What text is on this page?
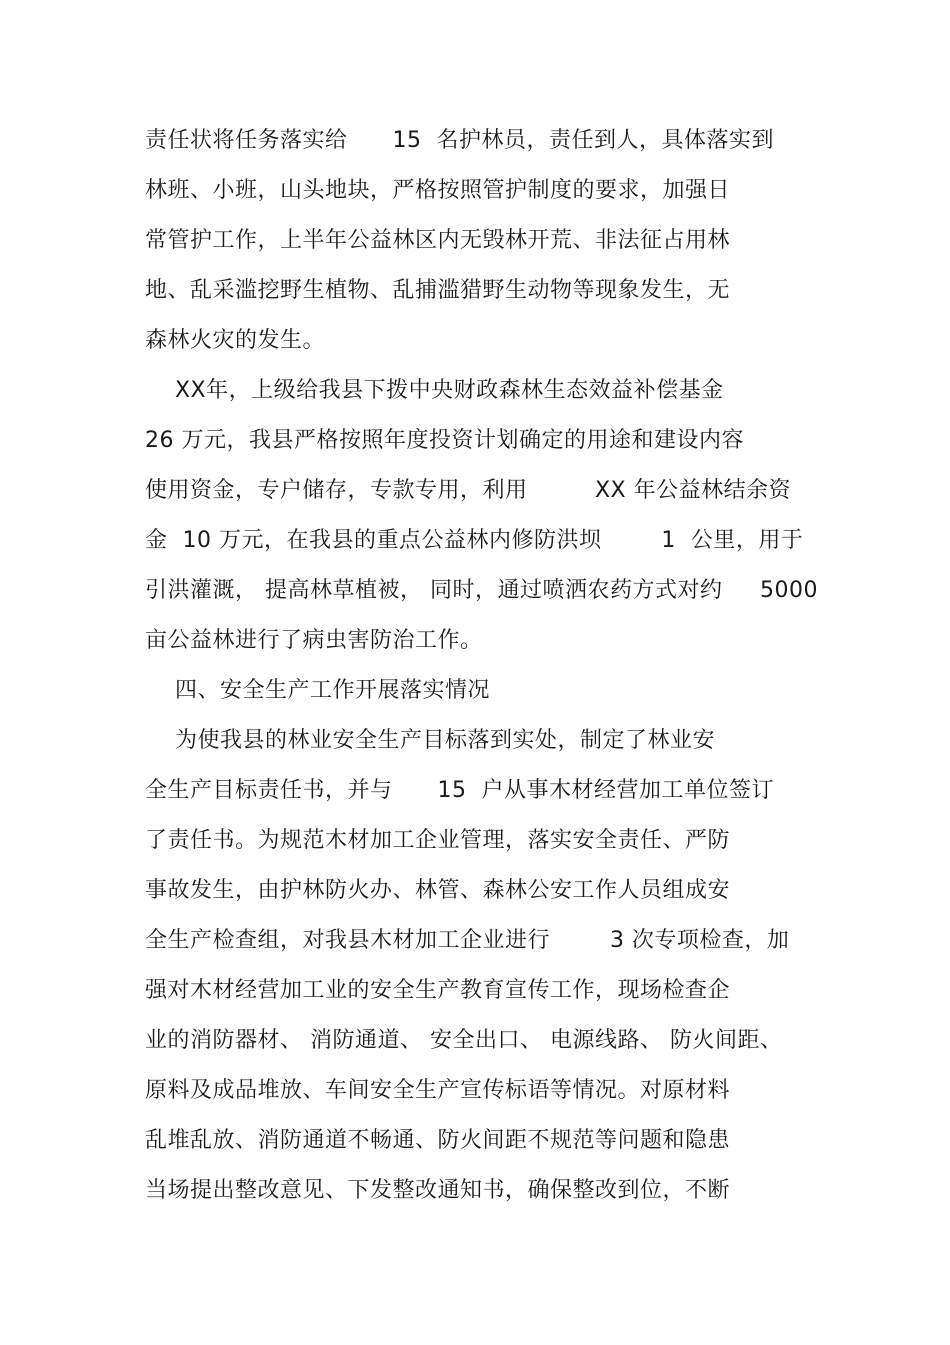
责任状将任务落实给      15  名护林员，责任到人，具体落实到
林班、小班，山头地块，严格按照管护制度的要求，加强日
常管护工作，上半年公益林区内无毁林开荒、非法征占用林
地、乱采滥挖野生植物、乱捕滥猎野生动物等现象发生，无
森林火灾的发生。
XX年，上级给我县下拨中央财政森林生态效益补偿基金
26 万元，我县严格按照年度投资计划确定的用途和建设内容
使用资金，专户储存，专款专用，利用         XX 年公益林结余资
金  10 万元，在我县的重点公益林内修防洪坝        1  公里，用于
引洪灌溉， 提高林草植被， 同时，通过喷洒农药方式对约     5000
亩公益林进行了病虫害防治工作。
四、安全生产工作开展落实情况
为使我县的林业安全生产目标落到实处，制定了林业安
全生产目标责任书，并与      15  户从事木材经营加工单位签订
了责任书。为规范木材加工企业管理，落实安全责任、严防
事故发生，由护林防火办、林管、森林公安工作人员组成安
全生产检查组，对我县木材加工企业进行        3 次专项检查，加
强对木材经营加工业的安全生产教育宣传工作，现场检查企
业的消防器材、 消防通道、 安全出口、 电源线路、 防火间距、
原料及成品堆放、车间安全生产宣传标语等情况。对原材料
乱堆乱放、消防通道不畅通、防火间距不规范等问题和隐患
当场提出整改意见、下发整改通知书，确保整改到位，不断
